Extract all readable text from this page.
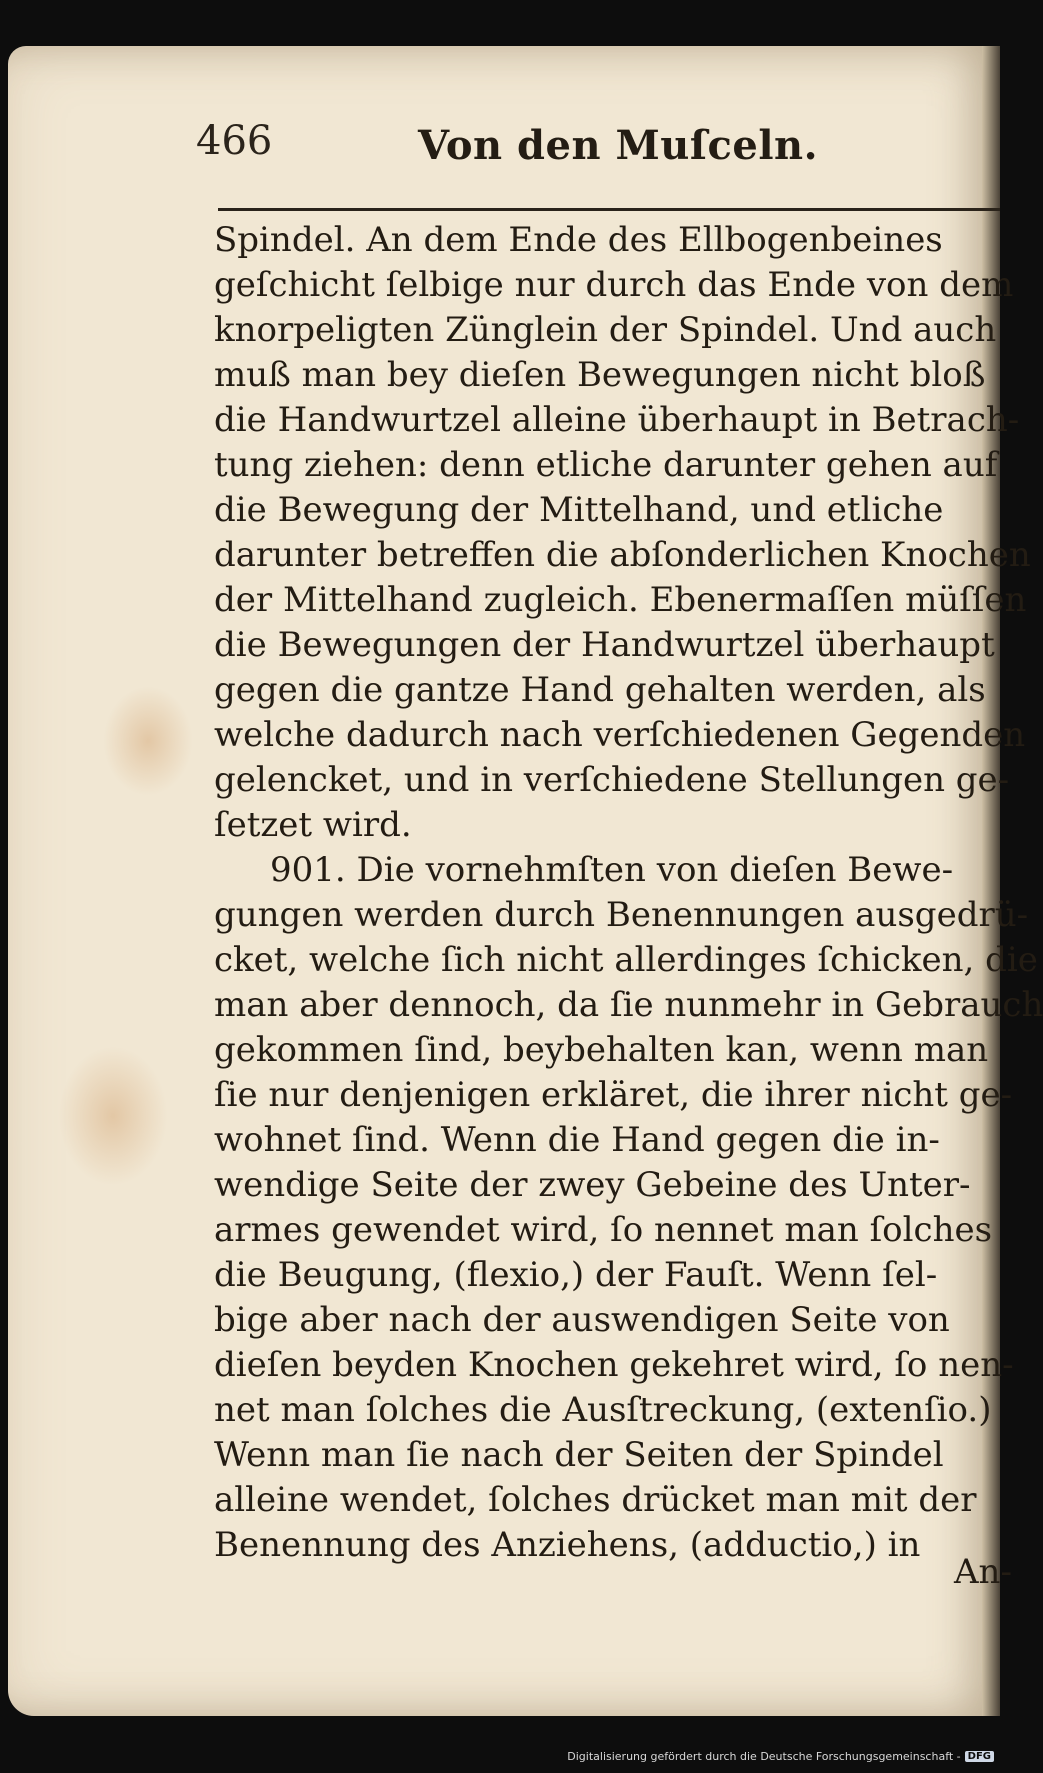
466	Von den Muſceln.
Spindel. An dem Ende des Ellbogenbeines
geſchicht ſelbige nur durch das Ende von dem
knorpeligten Zünglein der Spindel. Und auch
muß man bey dieſen Bewegungen nicht bloß
die Handwurtzel alleine überhaupt in Betrach-
tung ziehen: denn etliche darunter gehen auf
die Bewegung der Mittelhand, und etliche
darunter betreffen die abſonderlichen Knochen
der Mittelhand zugleich. Ebenermaſſen müſſen
die Bewegungen der Handwurtzel überhaupt
gegen die gantze Hand gehalten werden, als
welche dadurch nach verſchiedenen Gegenden
gelencket, und in verſchiedene Stellungen ge-
ſetzet wird.
901. Die vornehmſten von dieſen Bewe-
gungen werden durch Benennungen ausgedrü-
cket, welche ſich nicht allerdinges ſchicken, die
man aber dennoch, da ſie nunmehr in Gebrauch
gekommen ſind, beybehalten kan, wenn man
ſie nur denjenigen erkläret, die ihrer nicht ge-
wohnet ſind. Wenn die Hand gegen die in-
wendige Seite der zwey Gebeine des Unter-
armes gewendet wird, ſo nennet man ſolches
die Beugung, (flexio,) der Fauſt. Wenn ſel-
bige aber nach der auswendigen Seite von
dieſen beyden Knochen gekehret wird, ſo nen-
net man ſolches die Ausſtreckung, (extenſio.)
Wenn man ſie nach der Seiten der Spindel
alleine wendet, ſolches drücket man mit der
Benennung des Anziehens, (adductio,) in
An-
Digitalisierung gefördert durch die Deutsche Forschungsgemeinschaft - DFG
